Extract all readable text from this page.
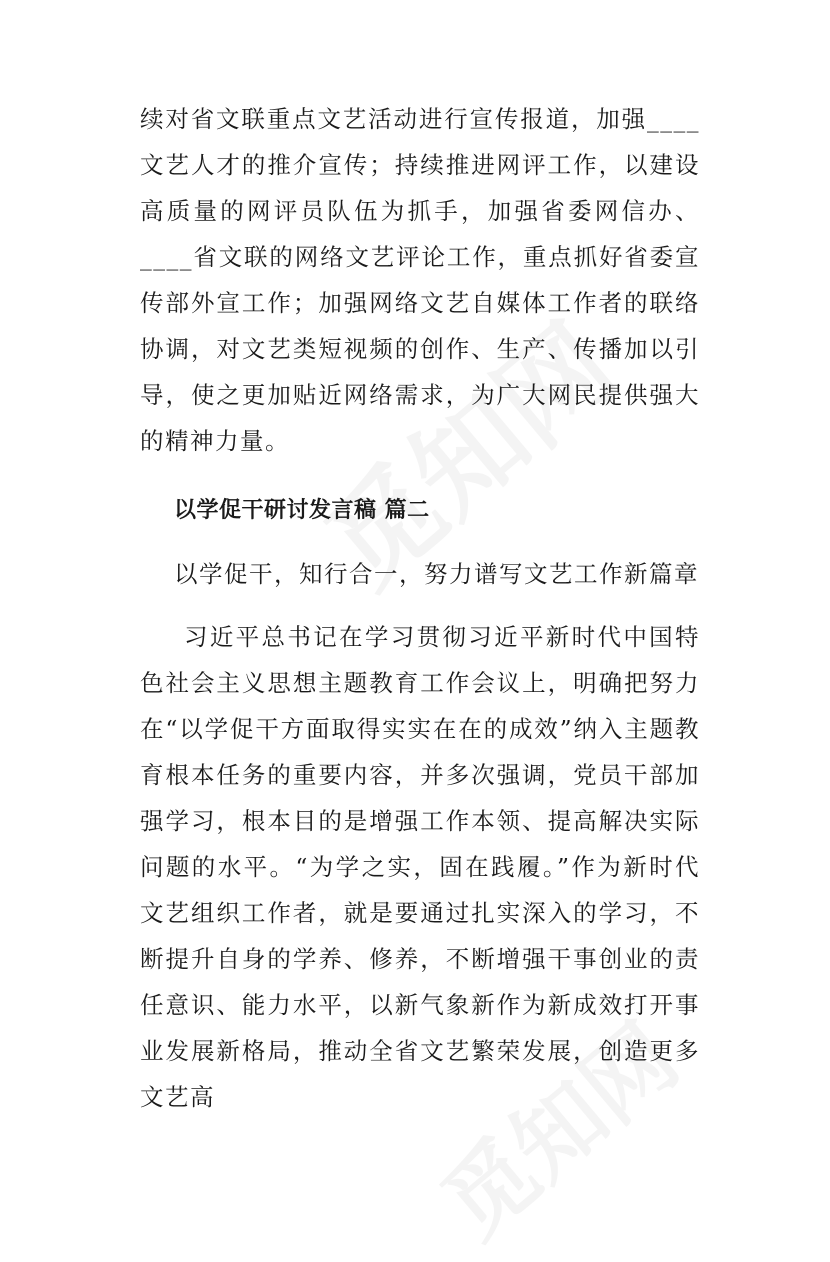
续对省文联重点文艺活动进行宣传报道，加强____文艺人才的推介宣传；持续推进网评工作，以建设高质量的网评员队伍为抓手，加强省委网信办、____省文联的网络文艺评论工作，重点抓好省委宣传部外宣工作；加强网络文艺自媒体工作者的联络协调，对文艺类短视频的创作、生产、传播加以引导，使之更加贴近网络需求，为广大网民提供强大的精神力量。

以学促干研讨发言稿 篇二

以学促干，知行合一，努力谱写文艺工作新篇章

习近平总书记在学习贯彻习近平新时代中国特色社会主义思想主题教育工作会议上，明确把努力在“以学促干方面取得实实在在的成效”纳入主题教育根本任务的重要内容，并多次强调，党员干部加强学习，根本目的是增强工作本领、提高解决实际问题的水平。“为学之实，固在践履。”作为新时代文艺组织工作者，就是要通过扎实深入的学习，不断提升自身的学养、修养，不断增强干事创业的责任意识、能力水平，以新气象新作为新成效打开事业发展新格局，推动全省文艺繁荣发展，创造更多文艺高
